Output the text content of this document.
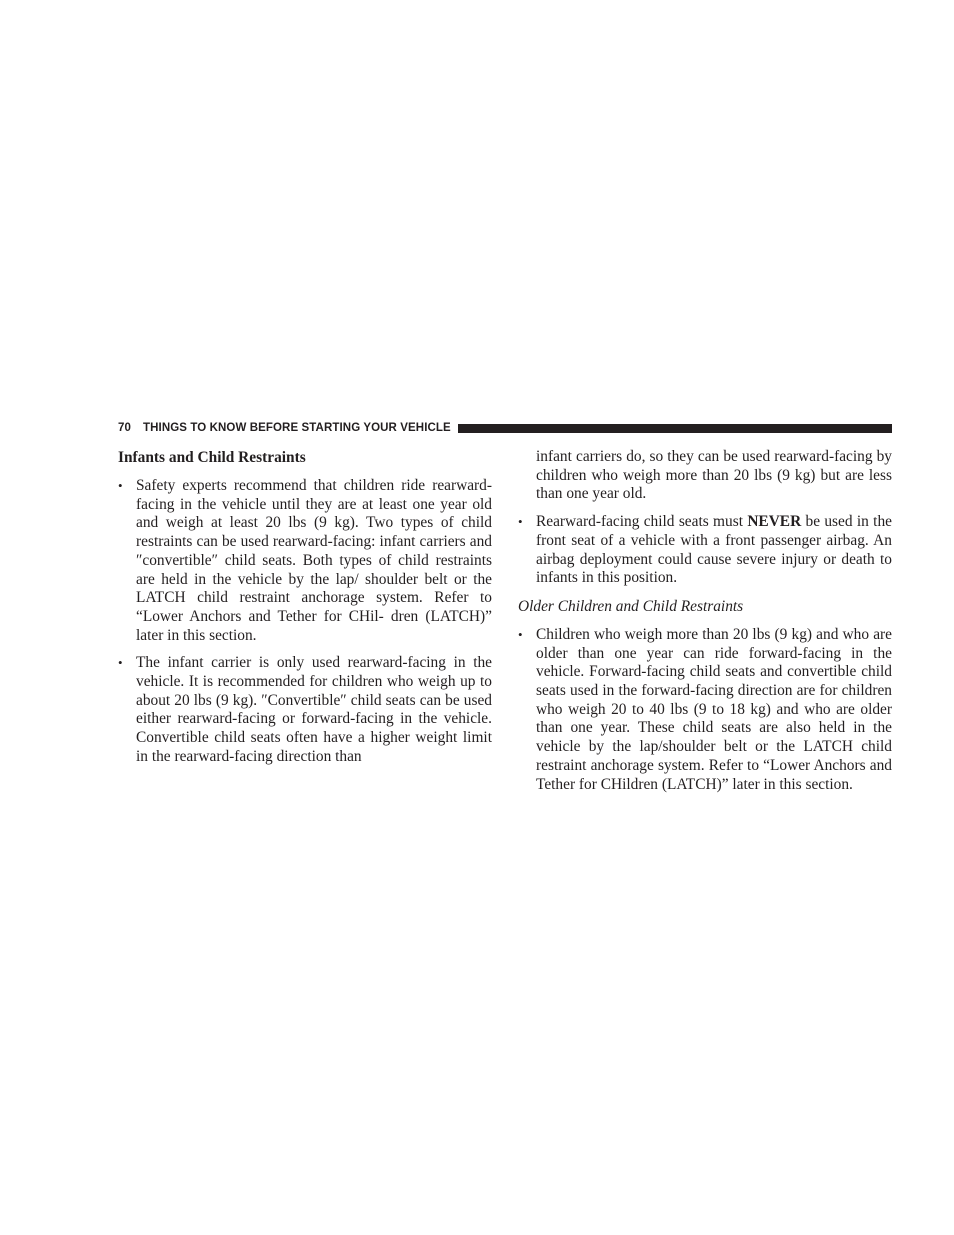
70 THINGS TO KNOW BEFORE STARTING YOUR VEHICLE

Infants and Child Restraints

• Safety experts recommend that children ride rearward-facing in the vehicle until they are at least one year old and weigh at least 20 lbs (9 kg). Two types of child restraints can be used rearward-facing: infant carriers and ″convertible″ child seats. Both types of child restraints are held in the vehicle by the lap/ shoulder belt or the LATCH child restraint anchorage system. Refer to “Lower Anchors and Tether for CHil- dren (LATCH)” later in this section.

• The infant carrier is only used rearward-facing in the vehicle. It is recommended for children who weigh up to about 20 lbs (9 kg). ″Convertible″ child seats can be used either rearward-facing or forward-facing in the vehicle. Convertible child seats often have a higher weight limit in the rearward-facing direction than

infant carriers do, so they can be used rearward-facing by children who weigh more than 20 lbs (9 kg) but are less than one year old.

• Rearward-facing child seats must NEVER be used in the front seat of a vehicle with a front passenger airbag. An airbag deployment could cause severe injury or death to infants in this position.

Older Children and Child Restraints

• Children who weigh more than 20 lbs (9 kg) and who are older than one year can ride forward-facing in the vehicle. Forward-facing child seats and convertible child seats used in the forward-facing direction are for children who weigh 20 to 40 lbs (9 to 18 kg) and who are older than one year. These child seats are also held in the vehicle by the lap/shoulder belt or the LATCH child restraint anchorage system. Refer to “Lower Anchors and Tether for CHildren (LATCH)” later in this section.
